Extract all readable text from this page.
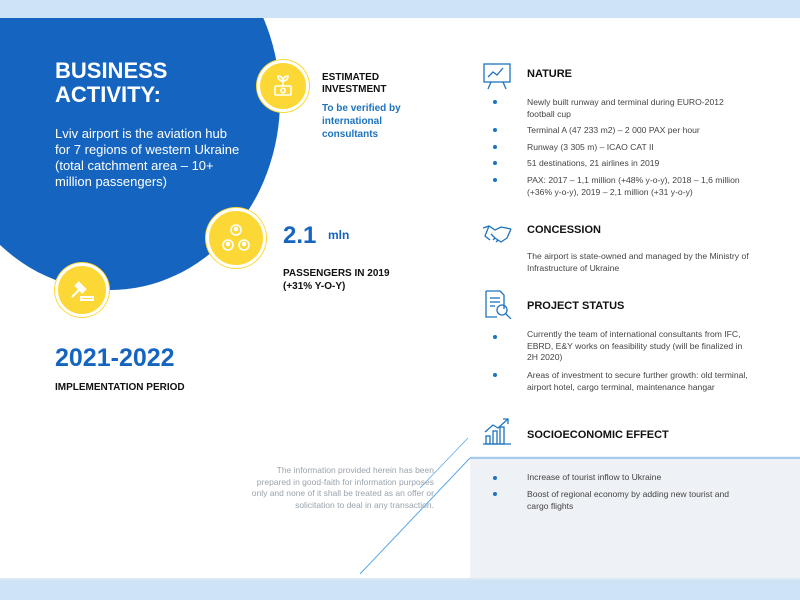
BUSINESS
ACTIVITY:
Lviv airport is the aviation hub for 7 regions of western Ukraine (total catchment area – 10+ million passengers)
ESTIMATED
INVESTMENT
To be verified by international consultants
2.1 mln
PASSENGERS IN 2019
(+31% Y-O-Y)
2021-2022
IMPLEMENTATION PERIOD
The information provided herein has been prepared in good-faith for information purposes only and none of it shall be treated as an offer or solicitation to deal in any transaction.
NATURE
Newly built runway and terminal during EURO-2012 football cup
Terminal A (47 233 m2) – 2 000 PAX per hour
Runway (3 305 m) – ICAO CAT II
51 destinations, 21 airlines in 2019
PAX: 2017 – 1,1 million (+48% y-o-y), 2018 – 1,6 million (+36% y-o-y), 2019 – 2,1 million (+31 y-o-y)
CONCESSION
The airport is state-owned and managed by the Ministry of Infrastructure of Ukraine
PROJECT STATUS
Currently the team of international consultants from IFC, EBRD, E&Y works on feasibility study (will be finalized in 2H 2020)
Areas of investment to secure further growth: old terminal, airport hotel, cargo terminal, maintenance hangar
SOCIOECONOMIC EFFECT
Increase of tourist inflow to Ukraine
Boost of regional economy by adding new tourist and cargo flights
